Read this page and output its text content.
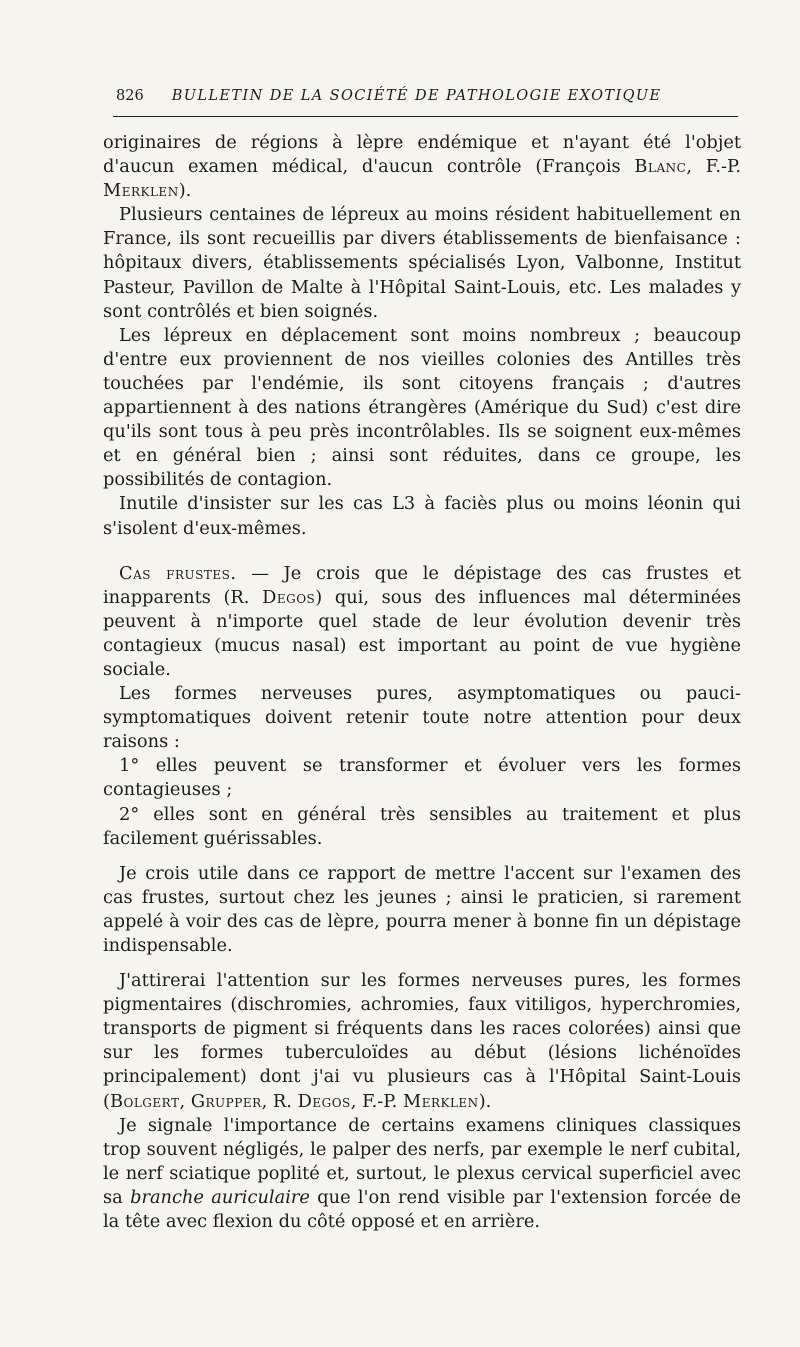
826 BULLETIN DE LA SOCIÉTÉ DE PATHOLOGIE EXOTIQUE

originaires de régions à lèpre endémique et n'ayant été l'objet d'aucun examen médical, d'aucun contrôle (François Blanc, F.-P. Merklen).

Plusieurs centaines de lépreux au moins résident habituellement en France, ils sont recueillis par divers établissements de bienfaisance : hôpitaux divers, établissements spécialisés Lyon, Valbonne, Institut Pasteur, Pavillon de Malte à l'Hôpital Saint-Louis, etc. Les malades y sont contrôlés et bien soignés.

Les lépreux en déplacement sont moins nombreux ; beaucoup d'entre eux proviennent de nos vieilles colonies des Antilles très touchées par l'endémie, ils sont citoyens français ; d'autres appartiennent à des nations étrangères (Amérique du Sud) c'est dire qu'ils sont tous à peu près incontrôlables. Ils se soignent eux-mêmes et en général bien ; ainsi sont réduites, dans ce groupe, les possibilités de contagion.

Inutile d'insister sur les cas L3 à faciès plus ou moins léonin qui s'isolent d'eux-mêmes.

Cas frustes. — Je crois que le dépistage des cas frustes et inapparents (R. Degos) qui, sous des influences mal déterminées peuvent à n'importe quel stade de leur évolution devenir très contagieux (mucus nasal) est important au point de vue hygiène sociale.

Les formes nerveuses pures, asymptomatiques ou pauci-symptomatiques doivent retenir toute notre attention pour deux raisons :

1° elles peuvent se transformer et évoluer vers les formes contagieuses ;

2° elles sont en général très sensibles au traitement et plus facilement guérissables.

Je crois utile dans ce rapport de mettre l'accent sur l'examen des cas frustes, surtout chez les jeunes ; ainsi le praticien, si rarement appelé à voir des cas de lèpre, pourra mener à bonne fin un dépistage indispensable.

J'attirerai l'attention sur les formes nerveuses pures, les formes pigmentaires (dischromies, achromies, faux vitiligos, hyperchromies, transports de pigment si fréquents dans les races colorées) ainsi que sur les formes tuberculoïdes au début (lésions lichénoïdes principalement) dont j'ai vu plusieurs cas à l'Hôpital Saint-Louis (Bolgert, Grupper, R. Degos, F.-P. Merklen).

Je signale l'importance de certains examens cliniques classiques trop souvent négligés, le palper des nerfs, par exemple le nerf cubital, le nerf sciatique poplité et, surtout, le plexus cervical superficiel avec sa branche auriculaire que l'on rend visible par l'extension forcée de la tête avec flexion du côté opposé et en arrière.
